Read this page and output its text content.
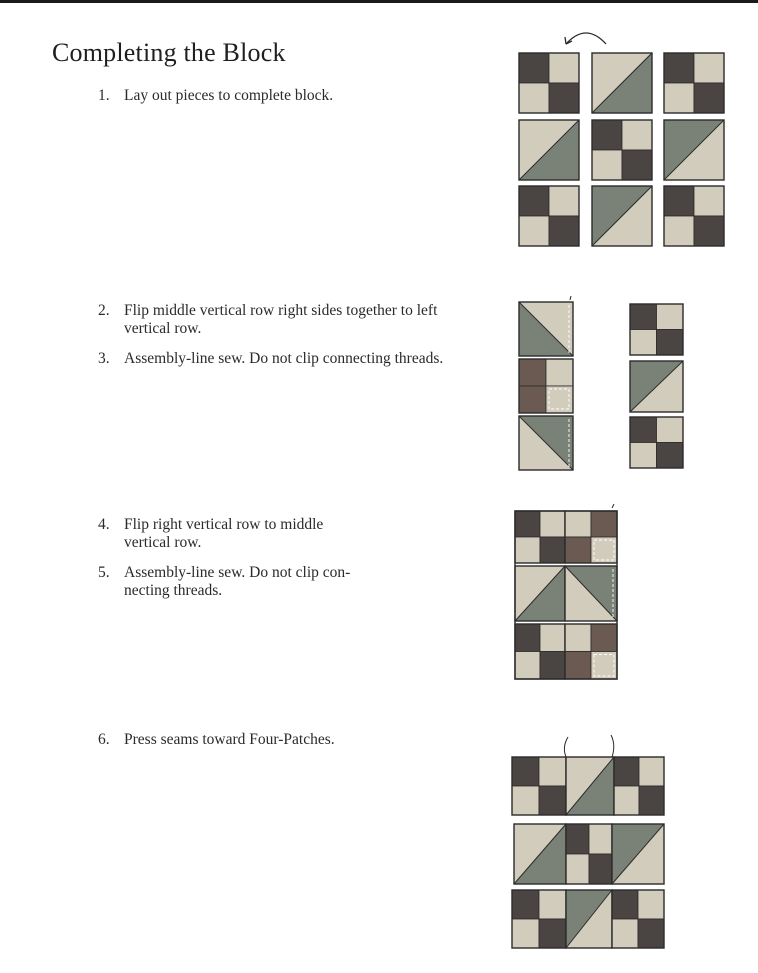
Completing the Block
1. Lay out pieces to complete block.
2. Flip middle vertical row right sides together to left vertical row.
3. Assembly-line sew. Do not clip connecting threads.
4. Flip right vertical row to middle vertical row.
5. Assembly-line sew. Do not clip con-necting threads.
6. Press seams toward Four-Patches.
